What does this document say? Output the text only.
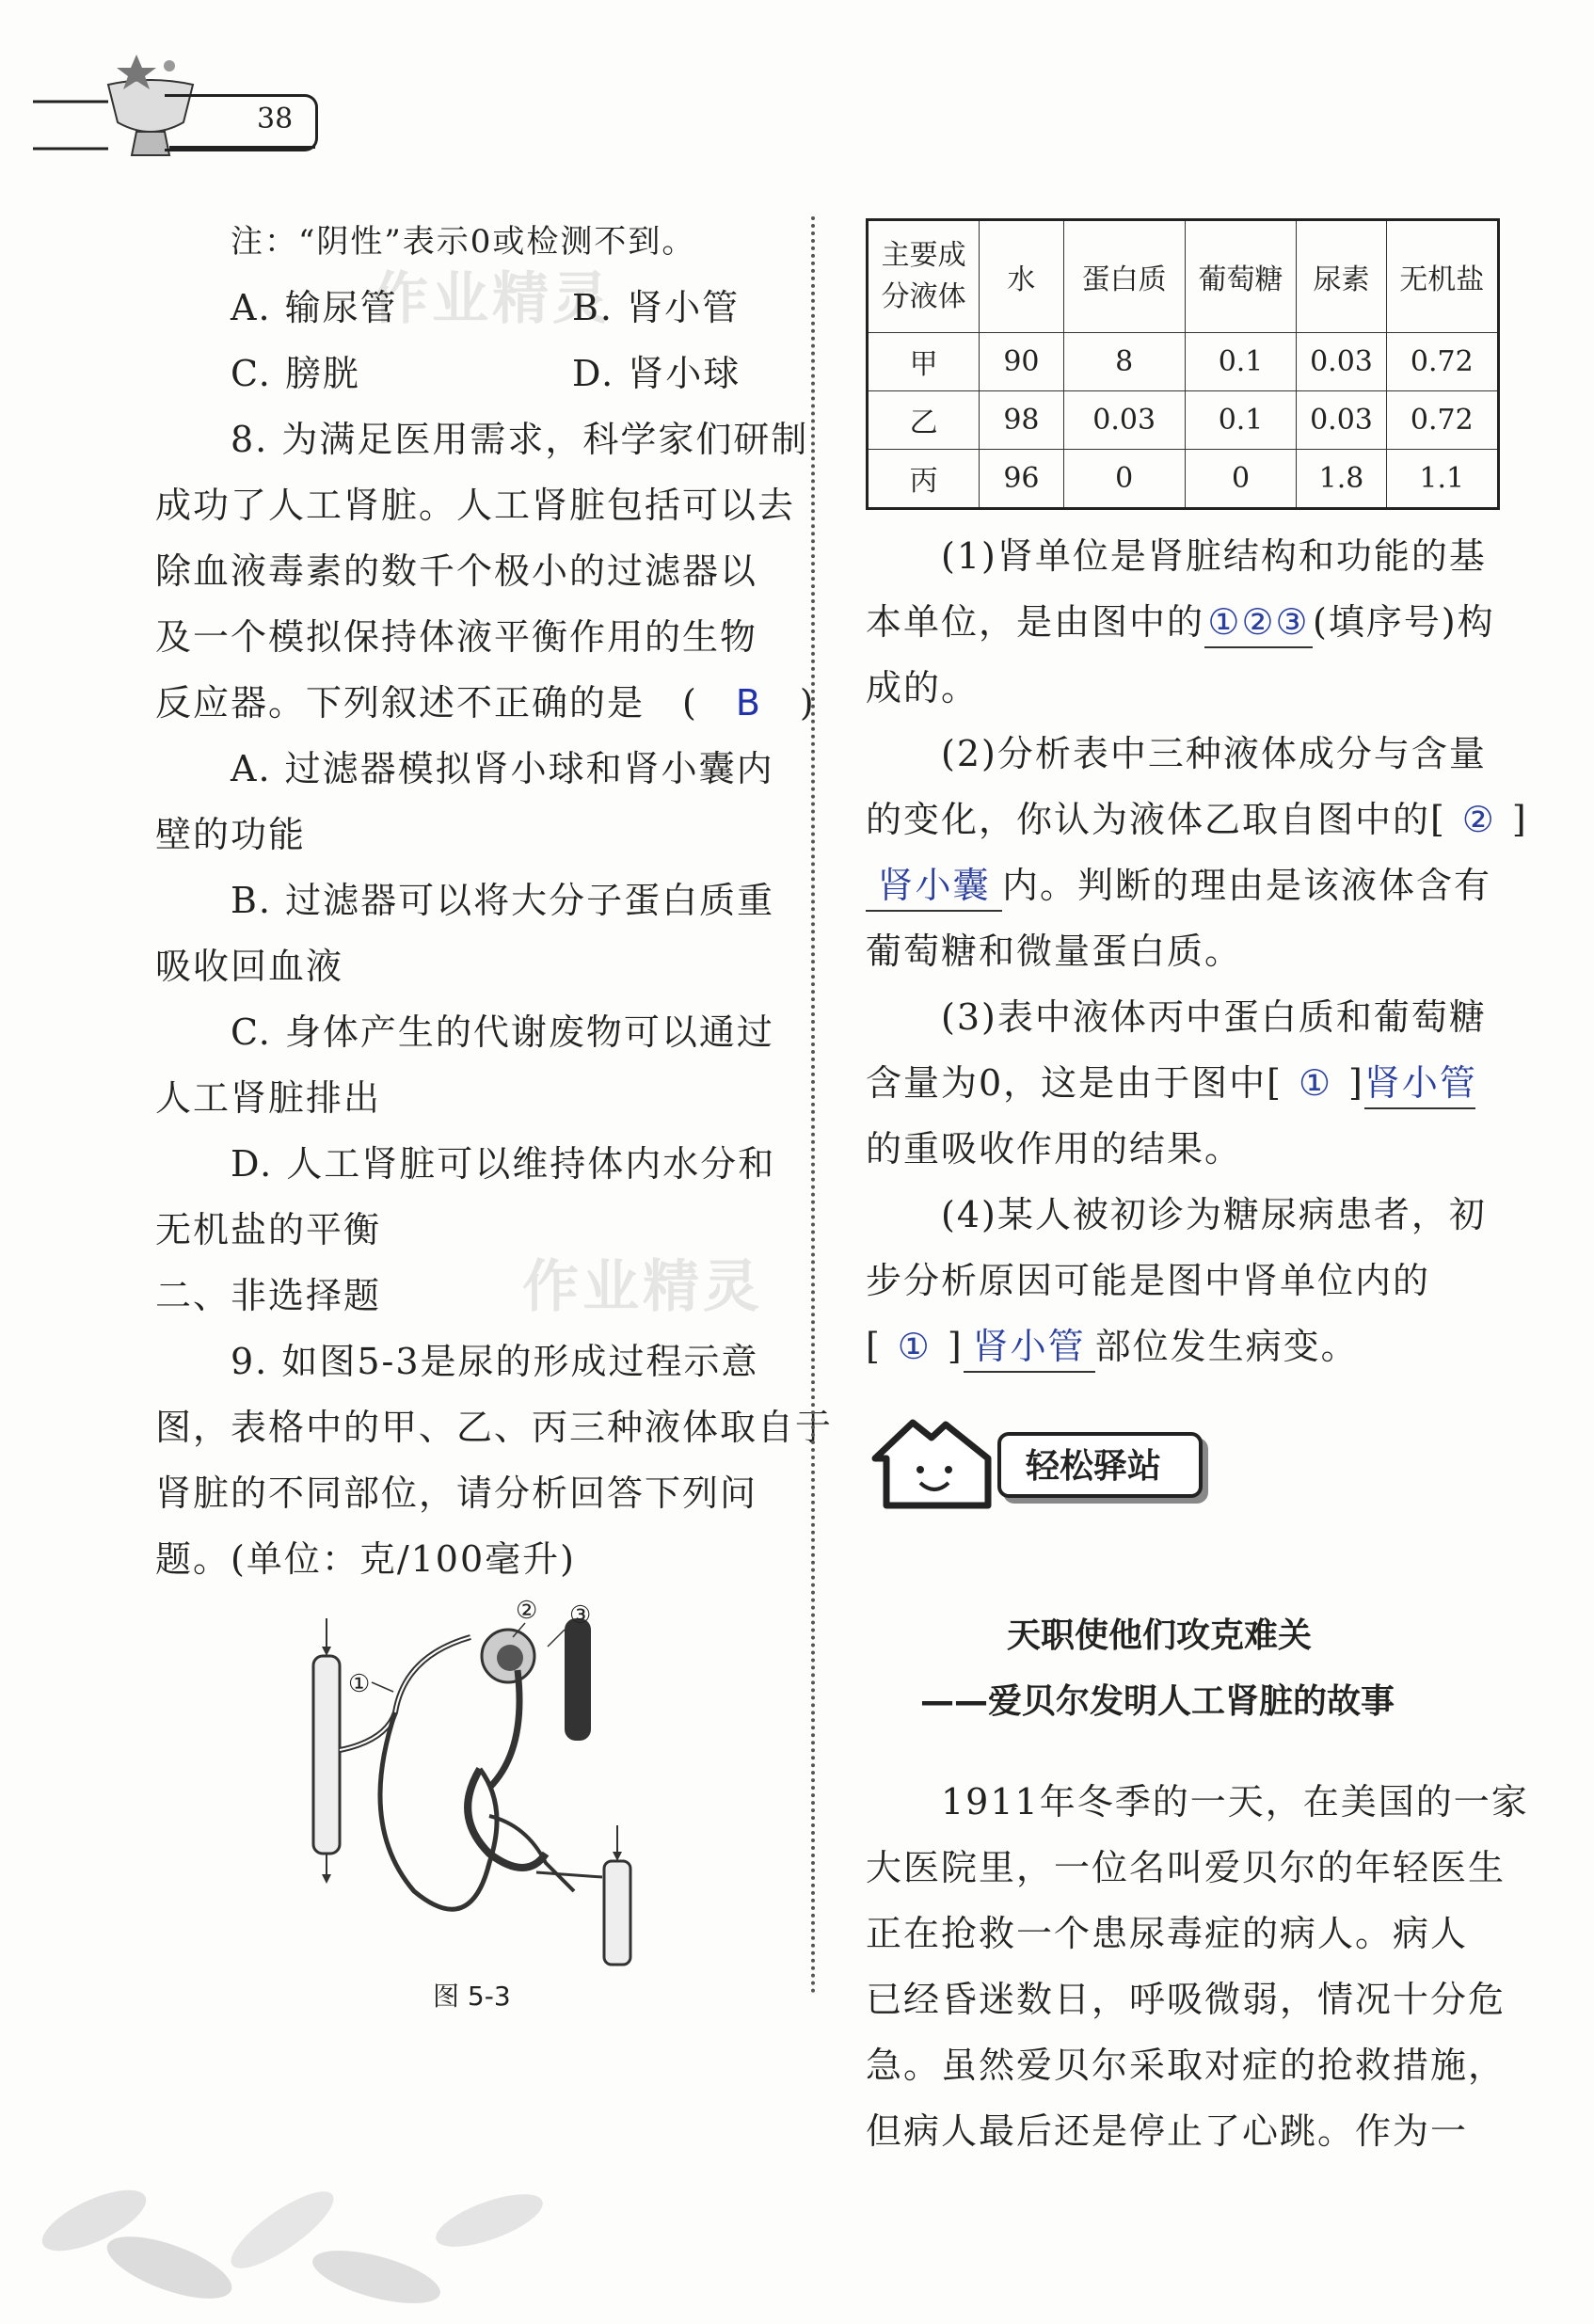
38
作业精灵
作业精灵
注：“阴性”表示0或检测不到。
A. 输尿管	B. 肾小管
C. 膀胱	D. 肾小球
8. 为满足医用需求，科学家们研制
成功了人工肾脏。人工肾脏包括可以去
除血液毒素的数千个极小的过滤器以
及一个模拟保持体液平衡作用的生物
反应器。下列叙述不正确的是　(　B　)
A. 过滤器模拟肾小球和肾小囊内
壁的功能
B. 过滤器可以将大分子蛋白质重
吸收回血液
C. 身体产生的代谢废物可以通过
人工肾脏排出
D. 人工肾脏可以维持体内水分和
无机盐的平衡
二、非选择题
9. 如图5-3是尿的形成过程示意
图，表格中的甲、乙、丙三种液体取自于
肾脏的不同部位，请分析回答下列问
题。(单位：克/100毫升)
①
② ③
图 5-3
主要成
分液体	水	蛋白质	葡萄糖	尿素	无机盐
甲	90	8	0.1	0.03	0.72
乙	98	0.03	0.1	0.03	0.72
丙	96	0	0	1.8	1.1
(1)肾单位是肾脏结构和功能的基
本单位，是由图中的①②③(填序号)构
成的。
(2)分析表中三种液体成分与含量
的变化，你认为液体乙取自图中的[ ② ]
肾小囊 内。判断的理由是该液体含有
葡萄糖和微量蛋白质。
(3)表中液体丙中蛋白质和葡萄糖
含量为0，这是由于图中[ ① ]肾小管
的重吸收作用的结果。
(4)某人被初诊为糖尿病患者，初
步分析原因可能是图中肾单位内的
[ ① ] 肾小管 部位发生病变。
轻松驿站
天职使他们攻克难关
——爱贝尔发明人工肾脏的故事
1911年冬季的一天，在美国的一家
大医院里，一位名叫爱贝尔的年轻医生
正在抢救一个患尿毒症的病人。病人
已经昏迷数日，呼吸微弱，情况十分危
急。虽然爱贝尔采取对症的抢救措施，
但病人最后还是停止了心跳。作为一
